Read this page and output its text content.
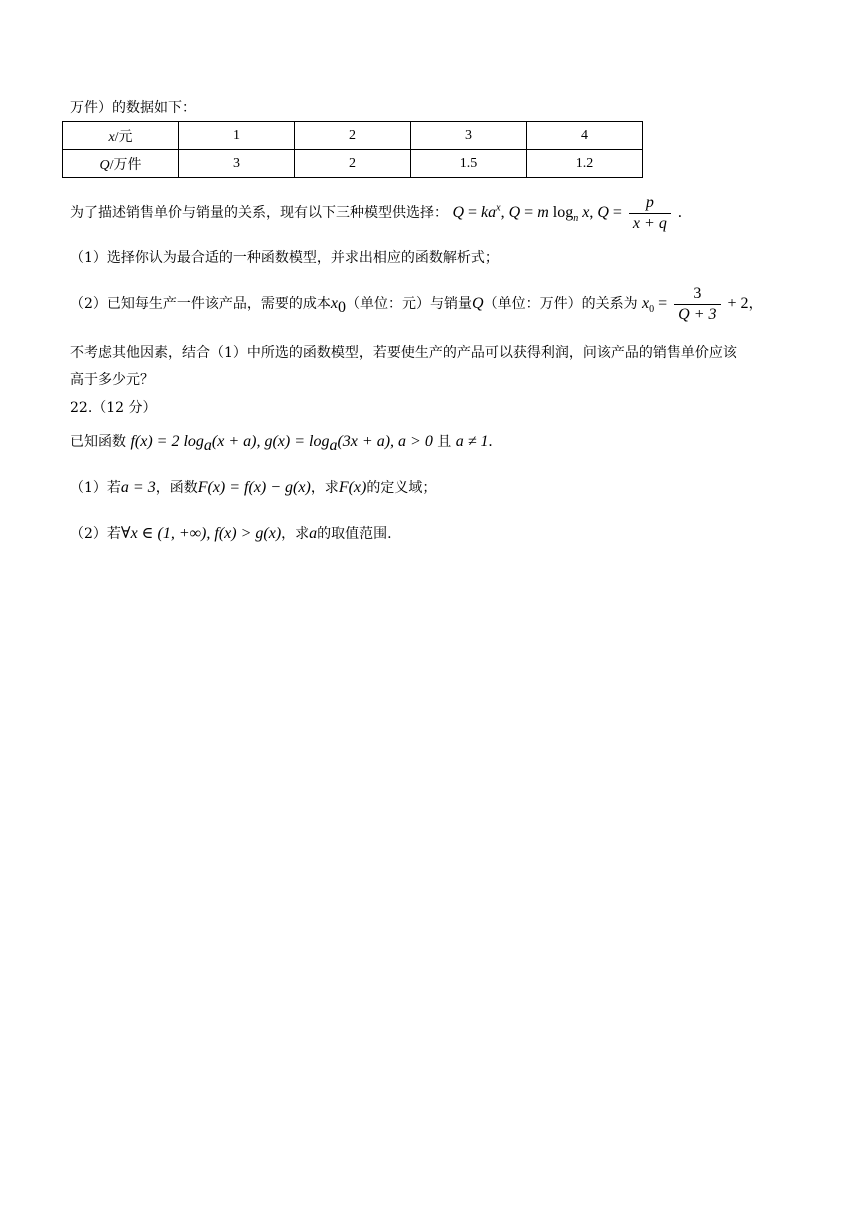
万件）的数据如下：
x/元	1	2	3	4
Q/万件	3	2	1.5	1.2
为了描述销售单价与销量的关系，现有以下三种模型供选择： $Q = ka^x$, Q = m $\log_n x$, $Q = \frac{p}{x + q}$ .
（1）选择你认为最合适的一种函数模型，并求出相应的函数解析式；
（2）已知每生产一件该产品，需要的成本$x_0$（单位：元）与销量Q（单位：万件）的关系为 $x_0 = \frac{3}{Q + 3} + 2$，
不考虑其他因素，结合（1）中所选的函数模型，若要使生产的产品可以获得利润，问该产品的销售单价应该
高于多少元？
22.（12 分）
已知函数 f(x) = 2 $\log_a(x + a)$, $g(x) = \log_a(3x + a)$, a > 0 且 a ≠ 1.
（1）若a = 3，函数F(x) = f(x) − g(x)，求F(x)的定义域；
（2）若∀x ∈ (1, +∞), f(x) > g(x)，求a的取值范围.
